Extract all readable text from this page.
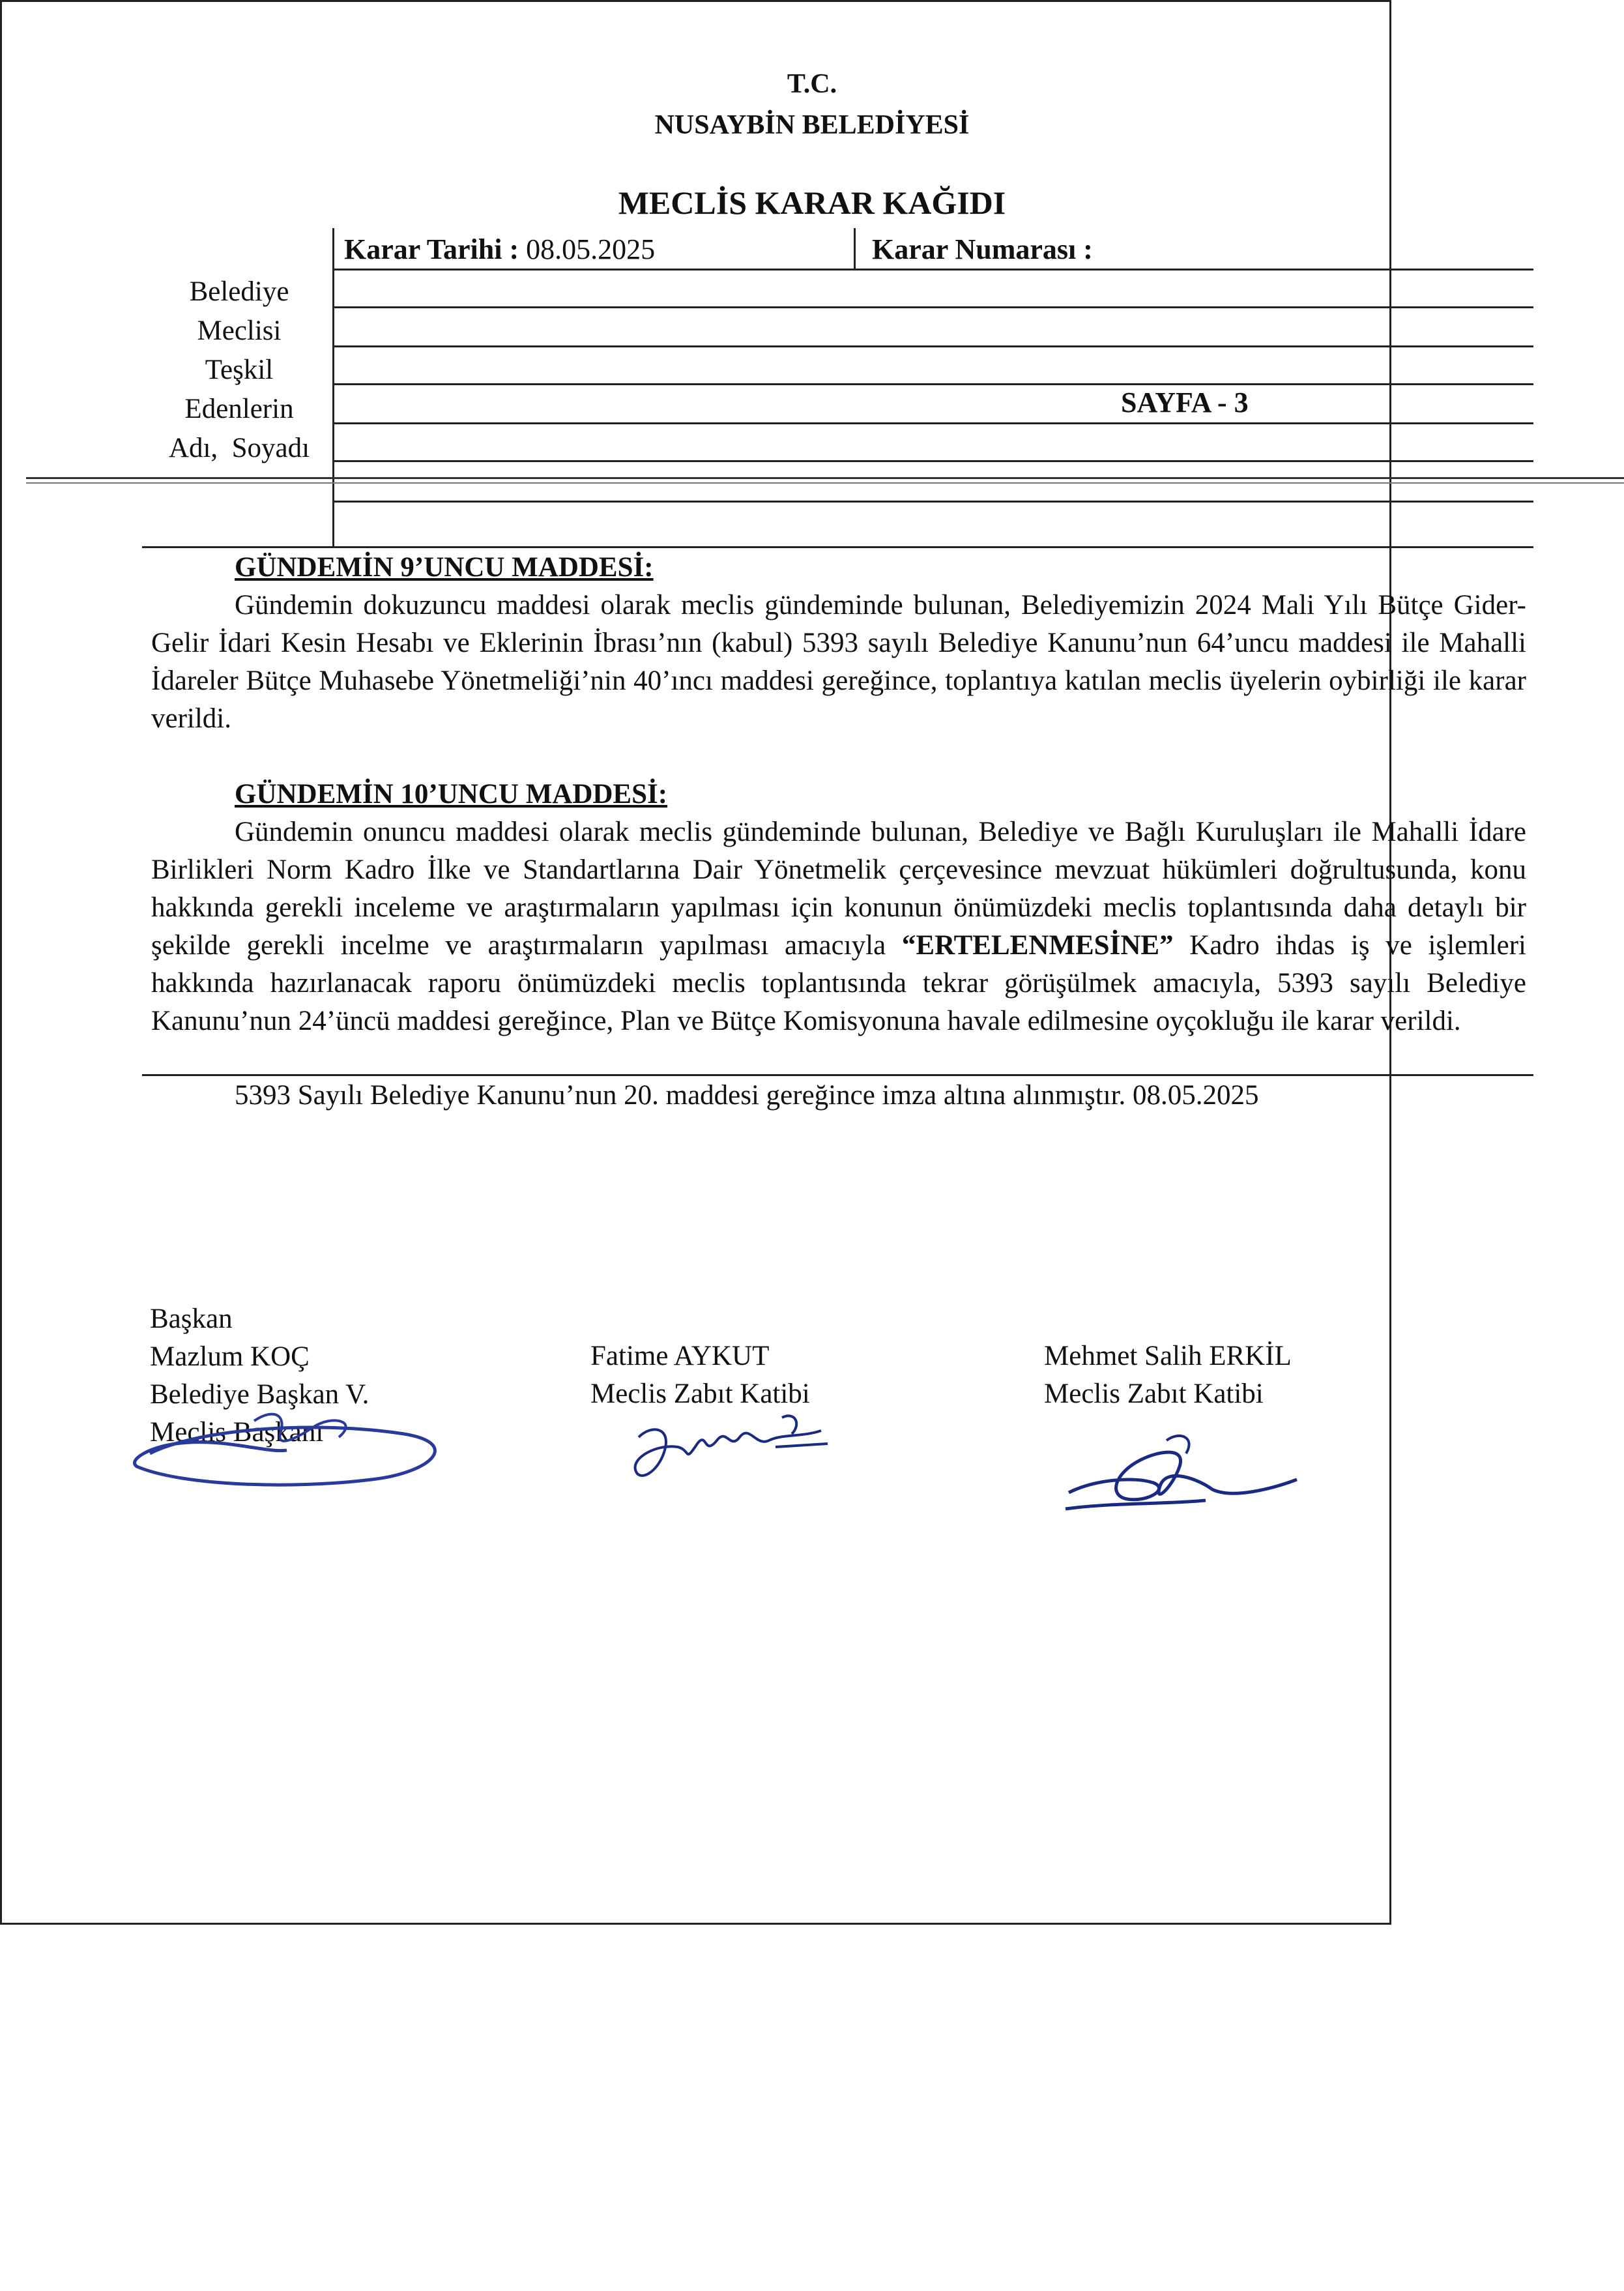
T.C.
NUSAYBİN BELEDİYESİ
MECLİS KARAR KAĞIDI
Karar Tarihi : 08.05.2025	Karar Numarası :
Belediye
Meclisi
Teşkil
Edenlerin
Adı,  Soyadı
SAYFA - 3
GÜNDEMİN 9’UNCU MADDESİ:
Gündemin dokuzuncu maddesi olarak meclis gündeminde bulunan, Belediyemizin 2024 Mali Yılı Bütçe Gider-Gelir İdari Kesin Hesabı ve Eklerinin İbrası’nın (kabul) 5393 sayılı Belediye Kanunu’nun 64’uncu maddesi ile Mahalli İdareler Bütçe Muhasebe Yönetmeliği’nin 40’ıncı maddesi gereğince, toplantıya katılan meclis üyelerin oybirliği ile karar verildi.
GÜNDEMİN 10’UNCU MADDESİ:
Gündemin onuncu maddesi olarak meclis gündeminde bulunan, Belediye ve Bağlı Kuruluşları ile Mahalli İdare Birlikleri Norm Kadro İlke ve Standartlarına Dair Yönetmelik çerçevesince mevzuat hükümleri doğrultusunda, konu hakkında gerekli inceleme ve araştırmaların yapılması için konunun önümüzdeki meclis toplantısında daha detaylı bir şekilde gerekli incelme ve araştırmaların yapılması amacıyla “ERTELENMESİNE” Kadro ihdas iş ve işlemleri hakkında hazırlanacak raporu önümüzdeki meclis toplantısında tekrar görüşülmek amacıyla, 5393 sayılı Belediye Kanunu’nun 24’üncü maddesi gereğince, Plan ve Bütçe Komisyonuna havale edilmesine oyçokluğu ile karar verildi.
5393 Sayılı Belediye Kanunu’nun 20. maddesi gereğince imza altına alınmıştır. 08.05.2025
Başkan
Mazlum KOÇ
Belediye Başkan V.
Meclis Başkanı
Fatime AYKUT
Meclis Zabıt Katibi
Mehmet Salih ERKİL
Meclis Zabıt Katibi
